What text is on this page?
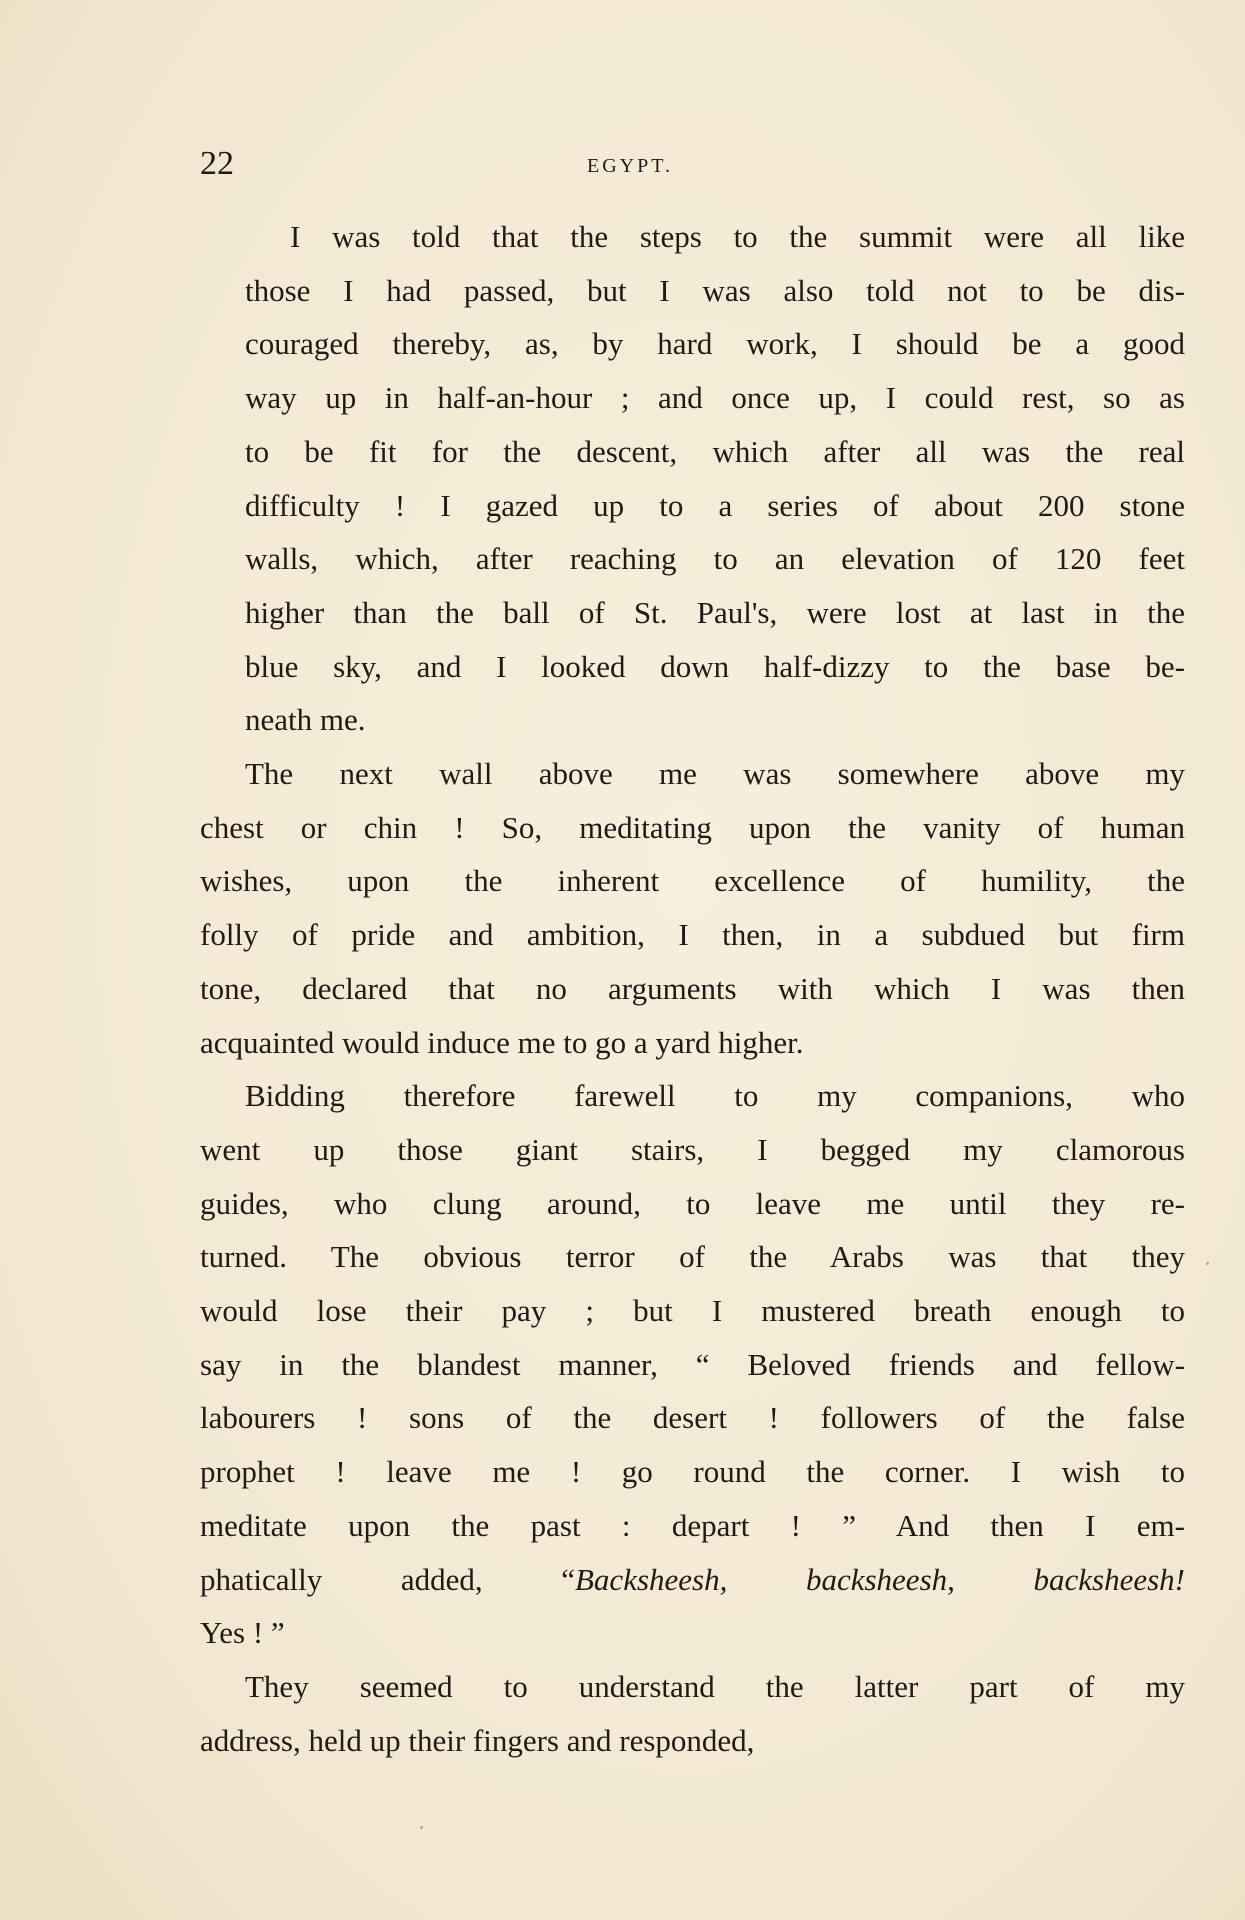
22	EGYPT.

I was told that the steps to the summit were all like
those I had passed, but I was also told not to be dis-
couraged thereby, as, by hard work, I should be a good
way up in half-an-hour ; and once up, I could rest, so as
to be fit for the descent, which after all was the real
difficulty ! I gazed up to a series of about 200 stone
walls, which, after reaching to an elevation of 120 feet
higher than the ball of St. Paul's, were lost at last in the
blue sky, and I looked down half-dizzy to the base be-
neath me.

The next wall above me was somewhere above my
chest or chin ! So, meditating upon the vanity of human
wishes, upon the inherent excellence of humility, the
folly of pride and ambition, I then, in a subdued but firm
tone, declared that no arguments with which I was then
acquainted would induce me to go a yard higher.

Bidding therefore farewell to my companions, who
went up those giant stairs, I begged my clamorous
guides, who clung around, to leave me until they re-
turned. The obvious terror of the Arabs was that they
would lose their pay ; but I mustered breath enough to
say in the blandest manner, “ Beloved friends and fellow-
labourers ! sons of the desert ! followers of the false
prophet ! leave me ! go round the corner. I wish to
meditate upon the past : depart ! ” And then I em-
phatically added, “Backsheesh, backsheesh, backsheesh!
Yes ! ”

They seemed to understand the latter part of my
address, held up their fingers and responded,
